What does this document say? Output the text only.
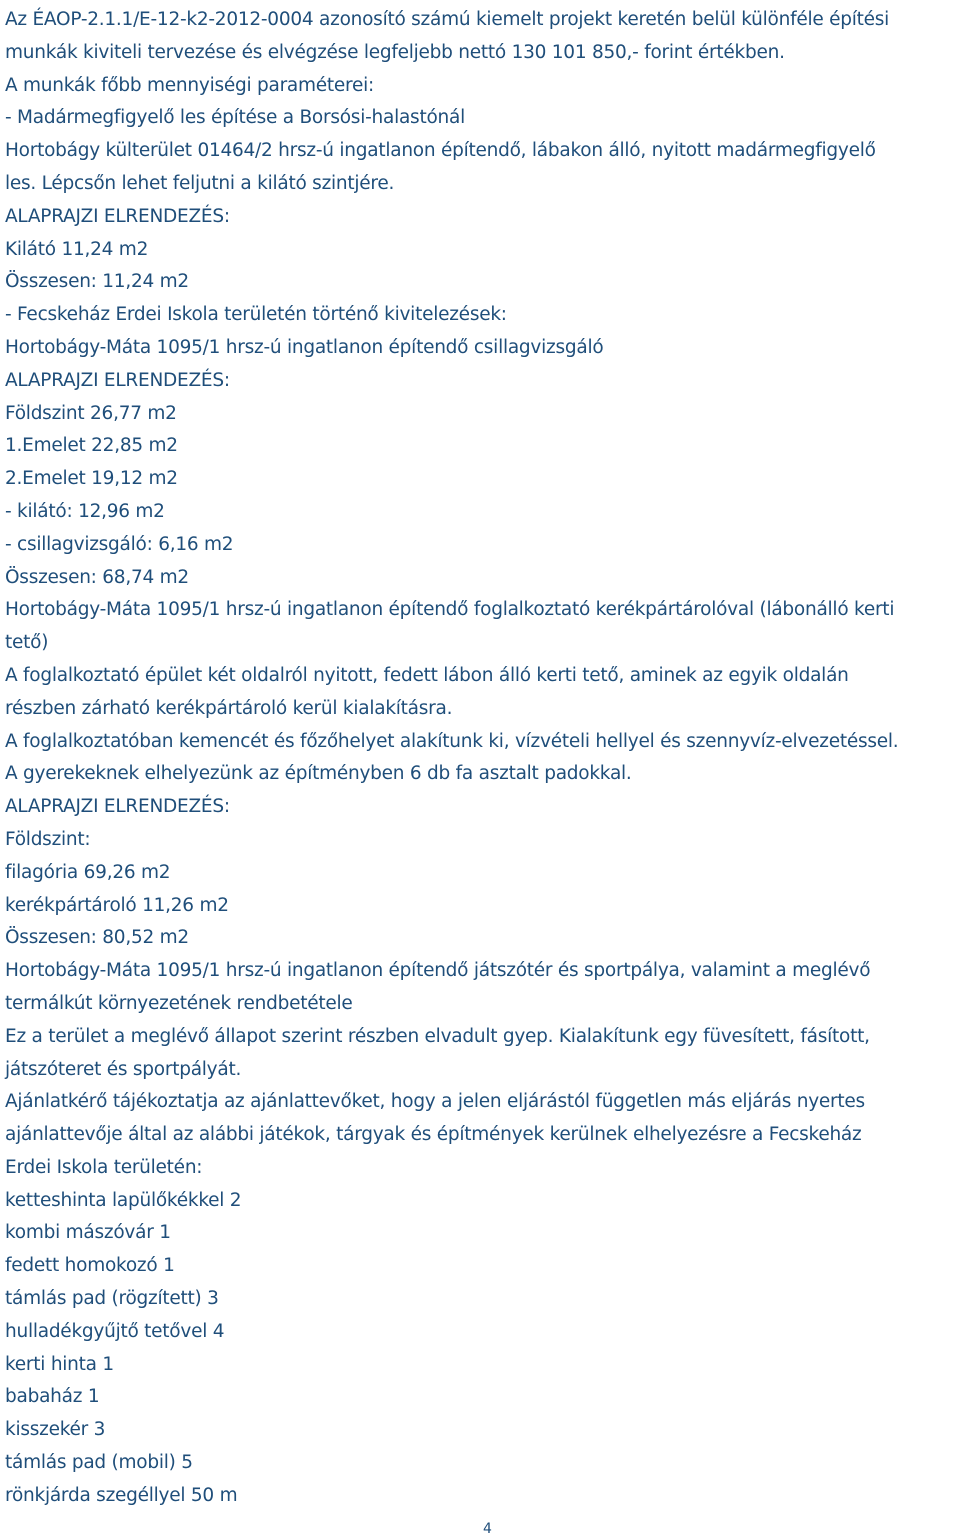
Az ÉAOP-2.1.1/E-12-k2-2012-0004 azonosító számú kiemelt projekt keretén belül különféle építési
munkák kiviteli tervezése és elvégzése legfeljebb nettó 130 101 850,- forint értékben.
A munkák főbb mennyiségi paraméterei:
- Madármegfigyelő les építése a Borsósi-halastónál
Hortobágy külterület 01464/2 hrsz-ú ingatlanon építendő, lábakon álló, nyitott madármegfigyelő
les. Lépcsőn lehet feljutni a kilátó szintjére.
ALAPRAJZI ELRENDEZÉS:
Kilátó 11,24 m2
Összesen: 11,24 m2
- Fecskeház Erdei Iskola területén történő kivitelezések:
Hortobágy-Máta 1095/1 hrsz-ú ingatlanon építendő csillagvizsgáló
ALAPRAJZI ELRENDEZÉS:
Földszint 26,77 m2
1.Emelet 22,85 m2
2.Emelet 19,12 m2
- kilátó: 12,96 m2
- csillagvizsgáló: 6,16 m2
Összesen: 68,74 m2
Hortobágy-Máta 1095/1 hrsz-ú ingatlanon építendő foglalkoztató kerékpártárolóval (lábonálló kerti
tető)
A foglalkoztató épület két oldalról nyitott, fedett lábon álló kerti tető, aminek az egyik oldalán
részben zárható kerékpártároló kerül kialakításra.
A foglalkoztatóban kemencét és főzőhelyet alakítunk ki, vízvételi hellyel és szennyvíz-elvezetéssel.
A gyerekeknek elhelyezünk az építményben 6 db fa asztalt padokkal.
ALAPRAJZI ELRENDEZÉS:
Földszint:
filagória 69,26 m2
kerékpártároló 11,26 m2
Összesen: 80,52 m2
Hortobágy-Máta 1095/1 hrsz-ú ingatlanon építendő játszótér és sportpálya, valamint a meglévő
termálkút környezetének rendbetétele
Ez a terület a meglévő állapot szerint részben elvadult gyep. Kialakítunk egy füvesített, fásított,
játszóteret és sportpályát.
Ajánlatkérő tájékoztatja az ajánlattevőket, hogy a jelen eljárástól független más eljárás nyertes
ajánlattevője által az alábbi játékok, tárgyak és építmények kerülnek elhelyezésre a Fecskeház
Erdei Iskola területén:
ketteshinta lapülőkékkel 2
kombi mászóvár 1
fedett homokozó 1
támlás pad (rögzített) 3
hulladékgyűjtő tetővel 4
kerti hinta 1
babaház 1
kisszekér 3
támlás pad (mobil) 5
rönkjárda szegéllyel 50 m
4
